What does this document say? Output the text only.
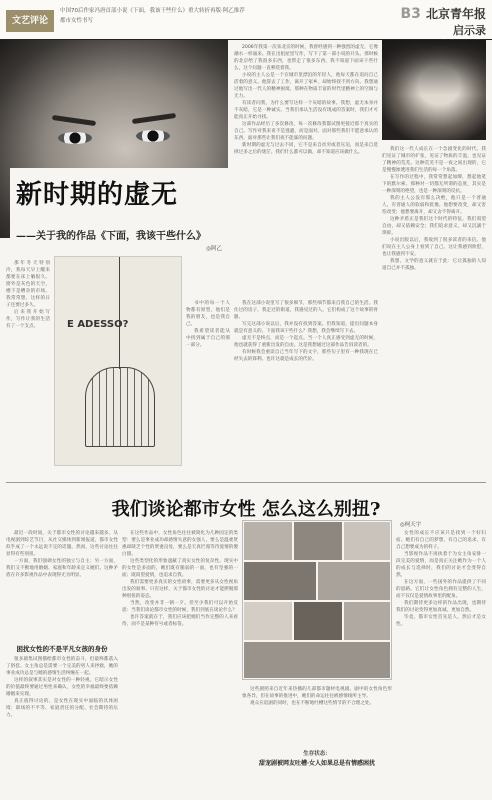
文艺评论
中国70后作家冯唐首部小说《下面，我该干些什么》重大转折再版·阿乙推荐
都市女性书写	B3 北京青年报
启示录
2006年我第一次来北京的时候，我曾经感到一种强烈的虚无，它像潮水一样涌来。我在出租屋里写作，写下了第一部小说的开头。那时候的北京给了我很多东西，也带走了很多东西。我不知道下面该干些什么，这个问题一直萦绕着我。
小说的主人公是一个在城市里漂泊的年轻人，他每天都在追问自己活着的意义。他辞去了工作，离开了家乡，却始终找不到方向。我想通过他写出一代人的精神困境，那种在物质丰富的时代里精神上的空洞与无力。
有读者问我，为什么要写这样一个灰暗的故事。我想，虚无本身并不灰暗，它是一种诚实。当我们承认生活没有现成的答案时，我们才可能真正开始寻找。
这部作品经历了多次修改，每一次修改我都试图更接近那个真实的自己。写作对我来说不是逃避，而是面对。面对那些我们不愿意承认的东西，面对那些让我们夜不能寐的问题。
新时期的虚无与过去不同，它不是来自贫穷或者压迫，而是来自选择过多之后的迷茫。我们什么都可以做，却不知道应该做什么。
我在这部小说里写了很多细节，那些细节都来自我自己的生活。我住过的房子，我走过的街道，我遇见过的人。它们构成了这个故事的骨骼。
写完这部小说以后，我并没有找到答案。但我知道，提出问题本身就是有意义的。下面我该干些什么？我想，我会继续写下去。
虚无不是终点，而是一个起点。当一个人真正感受到虚无的时候，他也就获得了重新出发的自由。这是我想通过这部作品告诉读者的。
有时候我会重读自己当年写下的文字，那些句子里有一种我现在已经失去的锋利。也许这就是成长的代价。
我们这一代人成长在一个急剧变化的时代。我们见证了城市的扩张，见证了物质的丰盈，也见证了精神的荒芜。这种荒芜不是一夜之间出现的，它是慢慢渗透进我们生活的每一个角落。
在写作的过程中，我常常想起加缪，想起他笔下的默尔索。那种对一切都无所谓的态度，其实是一种深刻的绝望，也是一种深刻的反抗。
我的主人公没有那么决绝，他只是一个普通人，有普通人的软弱和犹豫。他想要改变，却又害怕改变；他想要离开，却又舍不得离开。
这种矛盾正是我们这个时代的特征。我们渴望自由，却又依赖安全；我们追求意义，却又沉溺于琐碎。
小说出版以后，我收到了很多读者的来信。他们说在主人公身上看到了自己。这让我感到欣慰，也让我感到不安。
我想，文学的意义就在于此：它让孤独的人知道自己并不孤独。
新时期的虚无
——关于我的作品《下面，我该干些什么》
◎阿乙
那年冬天特别冷，我每天早上醒来都要在床上躺很久。窗外是灰色的天空，楼下是嘈杂的市场。我常常想，这样的日子还要过多久。
后来我开始写作，写作让我的生活有了一个支点。	E ADESSO?
书中的每一个人物都有原型，他们是我的朋友，也是我自己。
我希望读者能从中找到属于自己的那一部分。
我们谈论都市女性 怎么这么别扭?
◎柯天宇
最近一段时间，关于都市女性的讨论越来越多。从电视剧到综艺节目，从社交媒体到新闻报道，都市女性似乎成了一个永远说不完的话题。然而，这些讨论往往显得有些别扭。
一方面，我们强调女性的独立与自主；另一方面，我们又不断地用婚姻、家庭和年龄来定义她们。这种矛盾在许多影视作品中表现得尤为明显。
困扰女性的不是平凡女孩的身份
很多剧集试图描绘都市女性的奋斗，但最终都落入了俗套。女主角总是需要一个完美的男人来拯救，她的事业成功总是与她的感情生活纠缠在一起。
这样的叙事其实是对女性的一种轻视。它暗示女性的价值最终要通过男性来确认，女性的幸福最终要依赖婚姻来实现。
真正值得讨论的，是女性在现实中面临的具体困境：职场的不平等、家庭责任的分配、社会期待的压力。
在这些作品中，女性角色往往被简化为几种固定的类型：要么是事业成功却感情失意的女强人，要么是温柔贤惠却缺乏个性的贤妻良母，要么是天真烂漫等待爱情的傻白甜。
这些类型化的形象遮蔽了真实女性的复杂性。现实中的女性是多面的，她们既有脆弱的一面，也有坚强的一面；既渴望爱情，也追求自我。
我们需要更多真实的女性故事，需要更多从女性视角出发的叙事。只有这样，关于都市女性的讨论才能摆脱那种别扭的姿态。
当然，改变并非一朝一夕。但至少我们可以开始反思：当我们谈论都市女性的时候，我们到底在谈论什么？
也许答案就在于，我们应该把她们当作完整的人来看待，而不是某种符号或者标签。
这些剧照来自近年来热播的几部都市题材电视剧。剧中的女性角色形象各异，但在故事的推进中，她们的命运往往被感情线所主导。
观众在追剧的同时，也在不断地吐槽这些情节的不合理之处。
生存状态：
甜宠剧被网友吐槽·女人如果总是有情感困扰
女性的成长不应该只是找到一个好归宿。她们有自己的梦想，有自己的追求，有自己想要成为的样子。
当影视作品不再执着于为女主角安排一段完美的爱情，而是真正关注她作为一个人的成长与选择时，我们的讨论才会变得自然。
在这方面，一些国外的作品提供了不同的思路。它们让女性角色拥有完整的人生，而不仅仅是爱情故事里的配角。
我们期待更多这样的作品出现，也期待我们的讨论变得更加真诚、更加自然。
毕竟，都市女性首先是人，然后才是女性。
